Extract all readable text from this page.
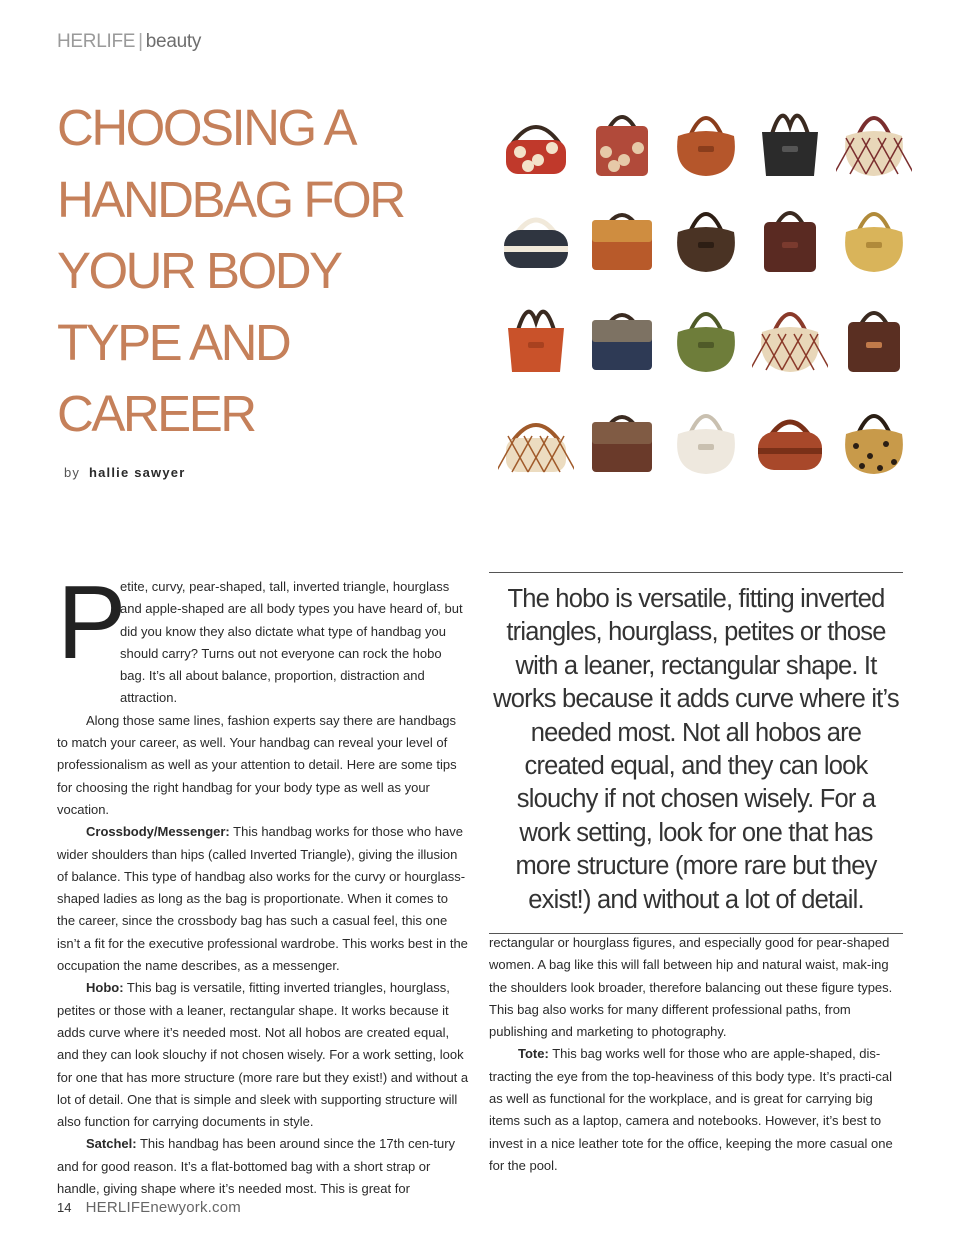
HERLIFE | beauty
CHOOSING A
HANDBAG FOR
YOUR BODY
TYPE AND
CAREER
by hallie sawyer
P

etite, curvy, pear-shaped, tall, inverted triangle, hourglass and apple-shaped are all body types you have heard of, but did you know they also dictate what type of handbag you should carry? Turns out not everyone can rock the hobo bag. It’s all about balance, proportion, distraction and attraction.

Along those same lines, fashion experts say there are handbags to match your career, as well. Your handbag can reveal your level of professionalism as well as your attention to detail. Here are some tips for choosing the right handbag for your body type as well as your vocation.

Crossbody/Messenger: This handbag works for those who have wider shoulders than hips (called Inverted Triangle), giving the illusion of balance. This type of handbag also works for the curvy or hourglass-shaped ladies as long as the bag is proportionate. When it comes to the career, since the crossbody bag has such a casual feel, this one isn’t a fit for the executive professional wardrobe. This works best in the occupation the name describes, as a messenger.

Hobo: This bag is versatile, fitting inverted triangles, hourglass, petites or those with a leaner, rectangular shape. It works because it adds curve where it’s needed most. Not all hobos are created equal, and they can look slouchy if not chosen wisely. For a work setting, look for one that has more structure (more rare but they exist!) and without a lot of detail. One that is simple and sleek with supporting structure will also function for carrying documents in style.

Satchel: This handbag has been around since the 17th cen-tury and for good reason. It’s a flat-bottomed bag with a short strap or handle, giving shape where it’s needed most. This is great for

The hobo is versatile, fitting inverted triangles, hourglass, petites or those with a leaner, rectangular shape. It works because it adds curve where it’s needed most. Not all hobos are created equal, and they can look slouchy if not chosen wisely. For a work setting, look for one that has more structure (more rare but they exist!) and without a lot of detail.

rectangular or hourglass figures, and especially good for pear-shaped women. A bag like this will fall between hip and natural waist, mak-ing the shoulders look broader, therefore balancing out these figure types. This bag also works for many different professional paths, from publishing and marketing to photography.

Tote: This bag works well for those who are apple-shaped, dis-tracting the eye from the top-heaviness of this body type. It’s practi-cal as well as functional for the workplace, and is great for carrying big items such as a laptop, camera and notebooks. However, it’s best to invest in a nice leather tote for the office, keeping the more casual one for the pool.

14 HERLIFEnewyork.com
